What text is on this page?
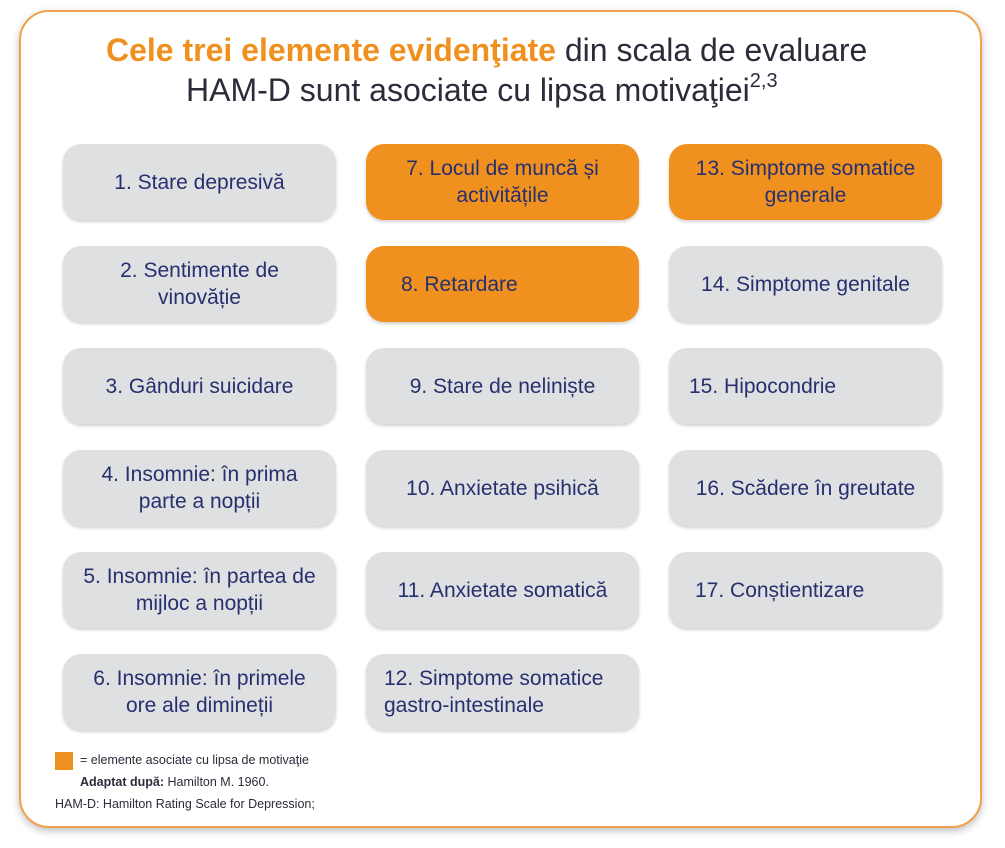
Cele trei elemente evidenţiate din scala de evaluare
HAM-D sunt asociate cu lipsa motivaţiei$^{2,3}$
1. Stare depresivă
2. Sentimente de vinovăție
3. Gânduri suicidare
4. Insomnie: în prima parte a nopții
5. Insomnie: în partea de mijloc a nopții
6. Insomnie: în primele ore ale dimineții
7. Locul de muncă și activitățile
8. Retardare
9. Stare de neliniște
10. Anxietate psihică
11. Anxietate somatică
12. Simptome somatice gastro-intestinale
13. Simptome somatice generale
14. Simptome genitale
15. Hipocondrie
16. Scădere în greutate
17. Conștientizare
= elemente asociate cu lipsa de motivaţie
Adaptat după: Hamilton M. 1960.
HAM-D: Hamilton Rating Scale for Depression;
